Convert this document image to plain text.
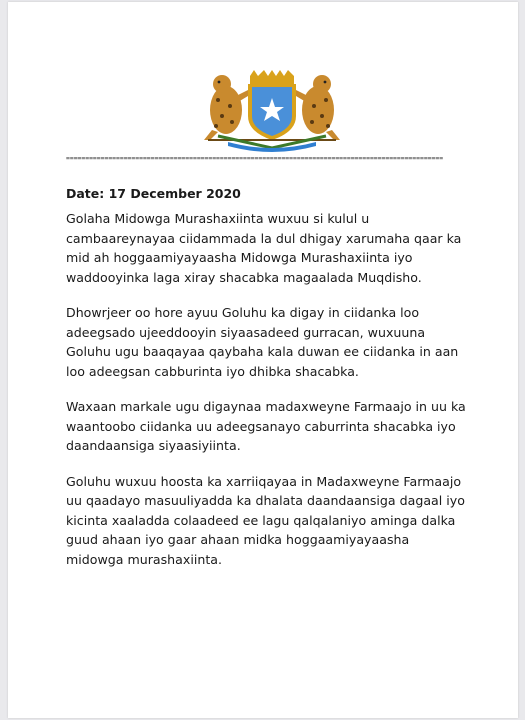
==================================================================================================
Date: 17 December 2020

Golaha Midowga Murashaxiinta wuxuu si kulul u cambaareynayaa ciidammada la dul dhigay xarumaha qaar ka mid ah hoggaamiyayaasha Midowga Murashaxiinta iyo waddooyinka laga xiray shacabka magaalada Muqdisho.

Dhowrjeer oo hore ayuu Goluhu ka digay in ciidanka loo adeegsado ujeeddooyin siyaasadeed gurracan, wuxuuna Goluhu ugu baaqayaa qaybaha kala duwan ee ciidanka in aan loo adeegsan cabburinta iyo dhibka shacabka.

Waxaan markale ugu digaynaa madaxweyne Farmaajo in uu ka waantoobo ciidanka uu adeegsanayo caburrinta shacabka iyo daandaansiga siyaasiyiinta.

Goluhu wuxuu hoosta ka xarriiqayaa in Madaxweyne Farmaajo uu qaadayo masuuliyadda ka dhalata daandaansiga dagaal iyo kicinta xaaladda colaadeed ee lagu qalqalaniyo aminga dalka guud ahaan iyo gaar ahaan midka hoggaamiyayaasha midowga murashaxiinta.
